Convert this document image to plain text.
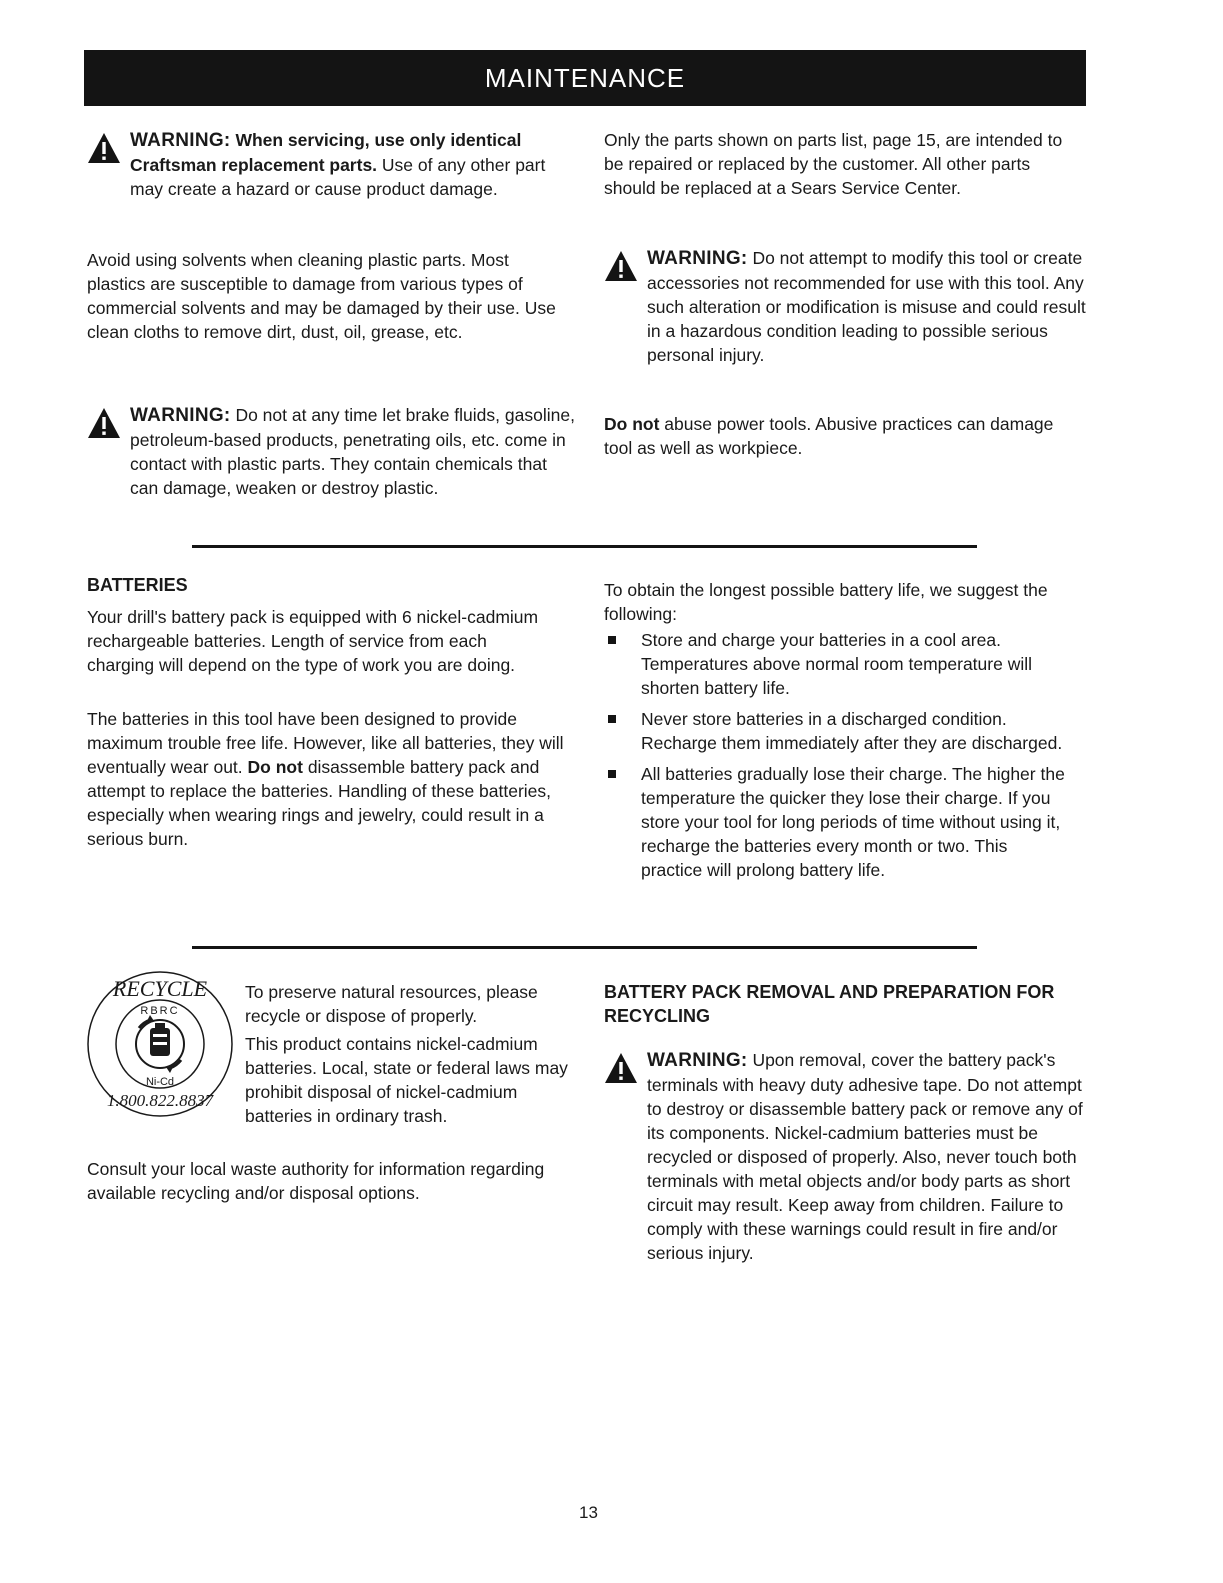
MAINTENANCE
WARNING: When servicing, use only identical Craftsman replacement parts. Use of any other part may create a hazard or cause product damage.

Avoid using solvents when cleaning plastic parts. Most plastics are susceptible to damage from various types of commercial solvents and may be damaged by their use. Use clean cloths to remove dirt, dust, oil, grease, etc.

WARNING: Do not at any time let brake fluids, gasoline, petroleum-based products, penetrating oils, etc. come in contact with plastic parts. They contain chemicals that can damage, weaken or destroy plastic.

Only the parts shown on parts list, page 15, are intended to be repaired or replaced by the customer. All other parts should be replaced at a Sears Service Center.

WARNING: Do not attempt to modify this tool or create accessories not recommended for use with this tool. Any such alteration or modification is misuse and could result in a hazardous condition leading to possible serious personal injury.

Do not abuse power tools. Abusive practices can damage tool as well as workpiece.

BATTERIES

Your drill's battery pack is equipped with 6 nickel-cadmium rechargeable batteries. Length of service from each charging will depend on the type of work you are doing.

The batteries in this tool have been designed to provide maximum trouble free life. However, like all batteries, they will eventually wear out. Do not disassemble battery pack and attempt to replace the batteries. Handling of these batteries, especially when wearing rings and jewelry, could result in a serious burn.

To obtain the longest possible battery life, we suggest the following:

Store and charge your batteries in a cool area. Temperatures above normal room temperature will shorten battery life.
Never store batteries in a discharged condition. Recharge them immediately after they are discharged.
All batteries gradually lose their charge. The higher the temperature the quicker they lose their charge. If you store your tool for long periods of time without using it, recharge the batteries every month or two. This practice will prolong battery life.
RECYCLE
RBRC
Ni-Cd
1.800.822.8837

To preserve natural resources, please recycle or dispose of properly.

This product contains nickel-cadmium batteries. Local, state or federal laws may prohibit disposal of nickel-cadmium batteries in ordinary trash.

Consult your local waste authority for information regarding available recycling and/or disposal options.

BATTERY PACK REMOVAL AND PREPARATION FOR RECYCLING
WARNING: Upon removal, cover the battery pack's terminals with heavy duty adhesive tape. Do not attempt to destroy or disassemble battery pack or remove any of its components. Nickel-cadmium batteries must be recycled or disposed of properly. Also, never touch both terminals with metal objects and/or body parts as short circuit may result. Keep away from children. Failure to comply with these warnings could result in fire and/or serious injury.
13
